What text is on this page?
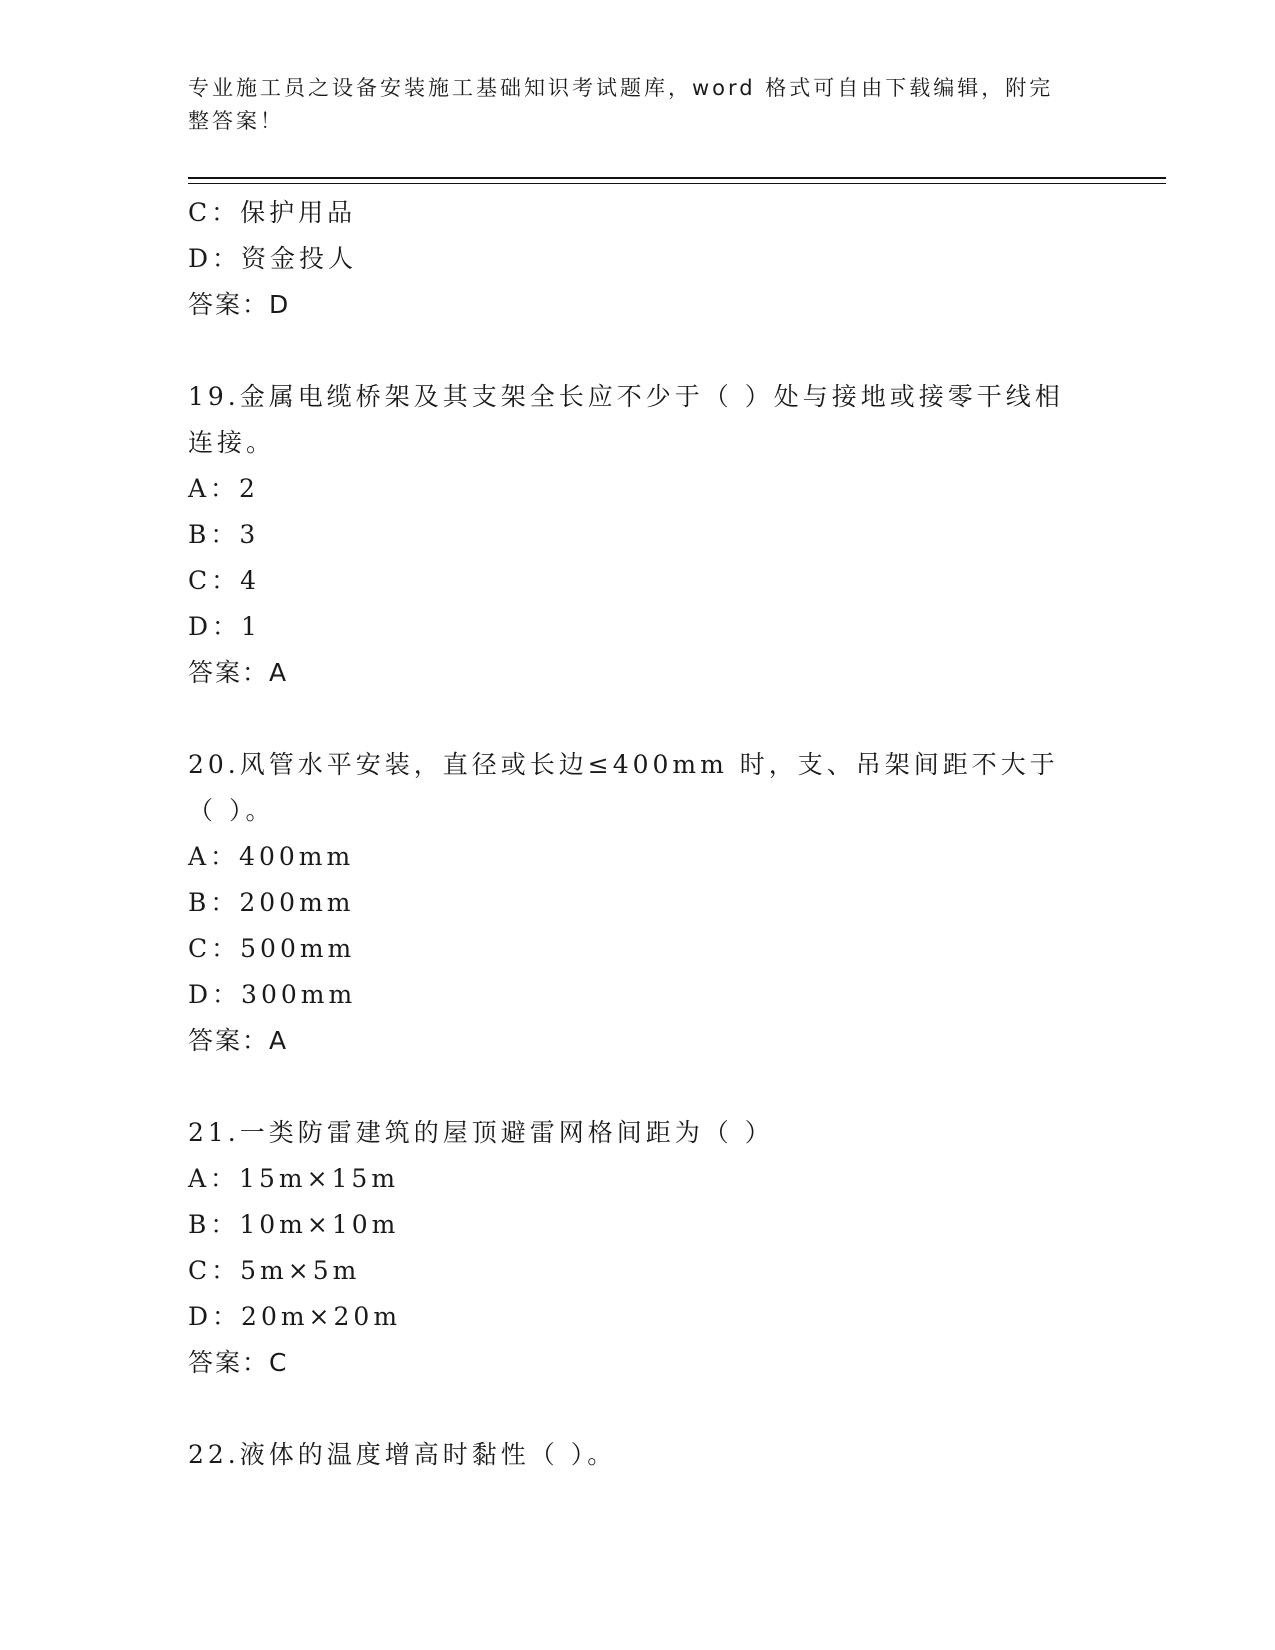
专业施工员之设备安装施工基础知识考试题库，word 格式可自由下载编辑，附完整答案！
C：保护用品
D：资金投人
答案：D
19.金属电缆桥架及其支架全长应不少于（ ）处与接地或接零干线相连接。
A：2
B：3
C：4
D：1
答案：A
20.风管水平安装，直径或长边≤400mm 时，支、吊架间距不大于（ ）。
A：400mm
B：200mm
C：500mm
D：300mm
答案：A
21.一类防雷建筑的屋顶避雷网格间距为（ ）
A：15m×15m
B：10m×10m
C：5m×5m
D：20m×20m
答案：C
22.液体的温度增高时黏性（ ）。
